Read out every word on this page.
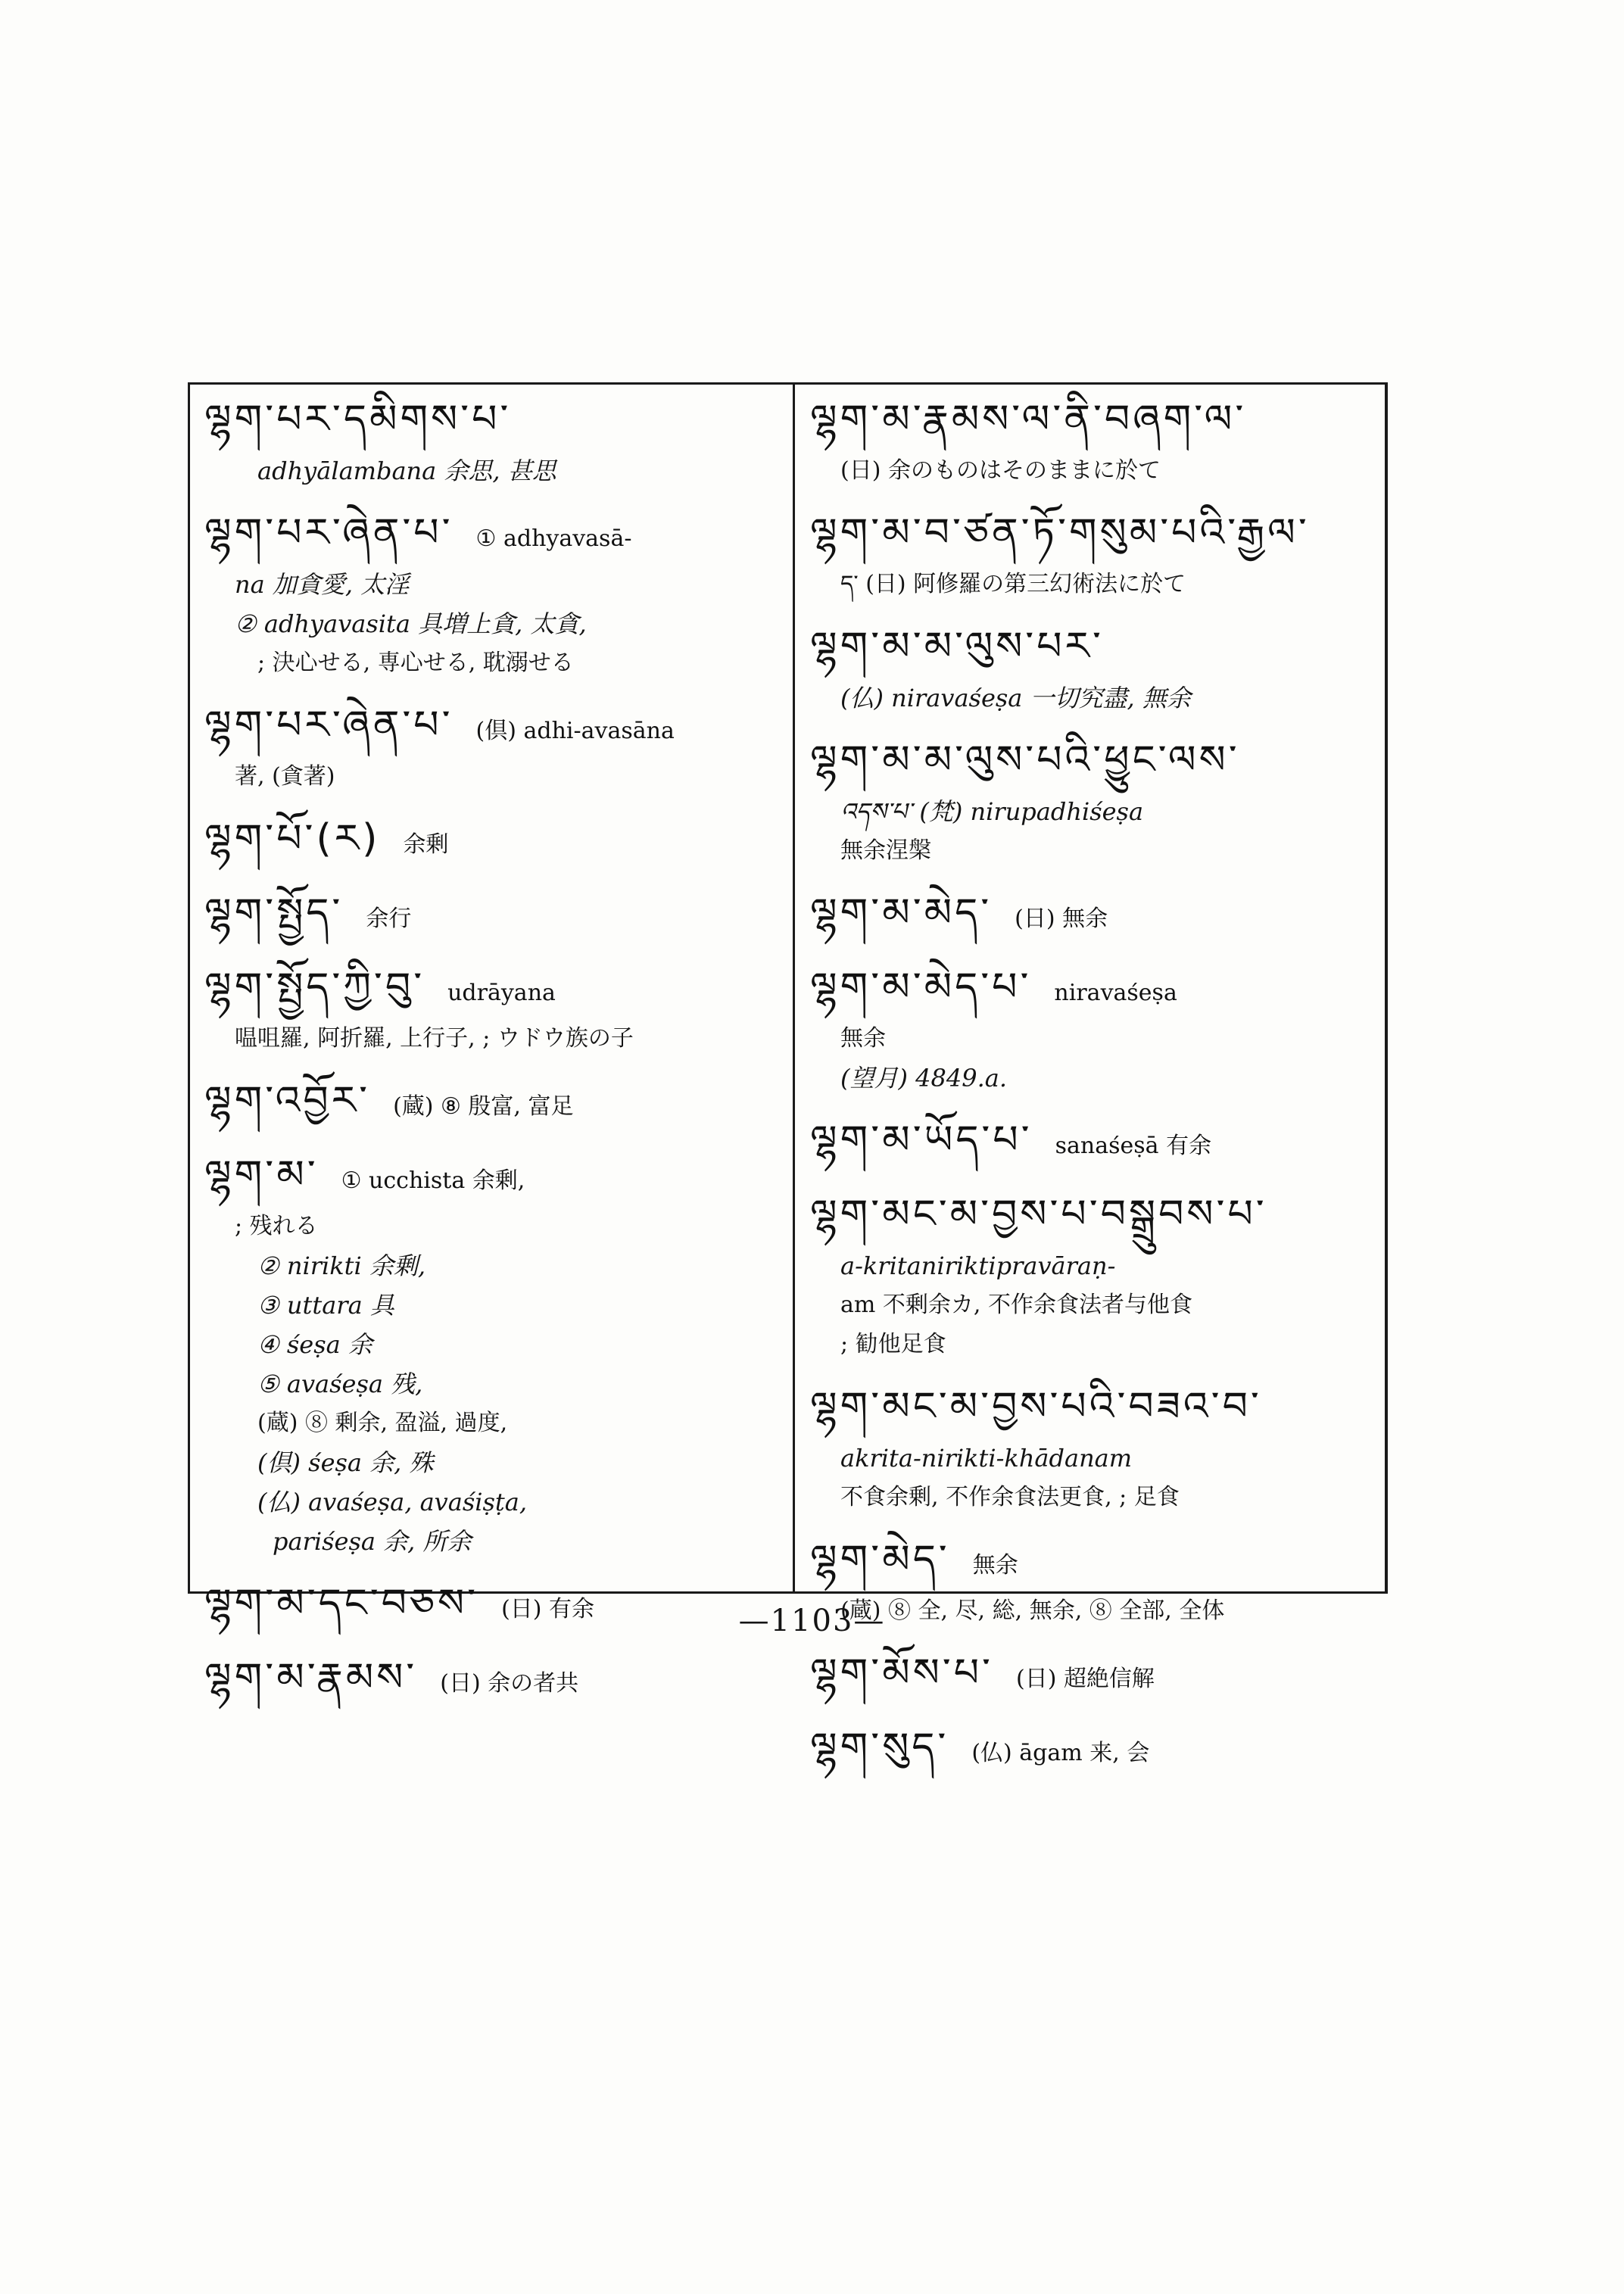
ལྷག་པར་དམིགས་པ་
adhyālambana 余思, 甚思
ལྷག་པར་ཞེན་པ་ ① adhyavasā-
na 加貪愛, 太淫
② adhyavasita 具増上貪, 太貪,
; 決心せる, 専心せる, 耽溺せる
ལྷག་པར་ཞེན་པ་ (倶) adhi-avasāna
著, (貪著)
ལྷག་པོ་(ར) 余剰
ལྷག་སྤྱོད་ 余行
ལྷག་སྤྱོད་ཀྱི་བུ་ udrāyana
嗢咀羅, 阿折羅, 上行子, ; ウドウ族の子
ལྷག་འབྱོར་ (蔵) ⑧ 殷富, 富足
ལྷག་མ་ ① ucchista 余剰,
; 残れる
② nirikti 余剰,
③ uttara 具
④ śeṣa 余
⑤ avaśeṣa 残,
(蔵) ⑧ 剰余, 盈溢, 過度,
(倶) śeṣa 余, 殊
(仏) avaśeṣa, avaśiṣṭa,
pariśeṣa 余, 所余
ལྷག་མ་དང་བཅས་ (日) 有余
ལྷག་མ་རྣམས་ (日) 余の者共
ལྷག་མ་རྣམས་ལ་ནི་བཞག་ལ་
(日) 余のものはそのままに於て
ལྷག་མ་བ་ཙན་ཏོ་གསུམ་པའི་རྒྱལ་
ད་ (日) 阿修羅の第三幻術法に於て
ལྷག་མ་མ་ལུས་པར་
(仏) niravaśeṣa 一切究盡, 無余
ལྷག་མ་མ་ལུས་པའི་ཕྱུང་ལས་
འདས་པ་ (梵) nirupadhiśeṣa
無余涅槃
ལྷག་མ་མེད་ (日) 無余
ལྷག་མ་མེད་པ་ niravaśeṣa
無余
(望月) 4849.a.
ལྷག་མ་ཡོད་པ་ sanaśeṣā 有余
ལྷག་མང་མ་བྱས་པ་བསྒྲུབས་པ་
a-kritaniriktipravāraṇ-
am 不剰余カ, 不作余食法者与他食
; 勧他足食
ལྷག་མང་མ་བྱས་པའི་བཟའ་བ་
akrita-nirikti-khādanam
不食余剰, 不作余食法更食, ; 足食
ལྷག་མེད་ 無余
(蔵) ⑧ 全, 尽, 総, 無余, ⑧ 全部, 全体
ལྷག་མོས་པ་ (日) 超絶信解
ལྷག་སུད་ (仏) āgam 来, 会
—1103—
